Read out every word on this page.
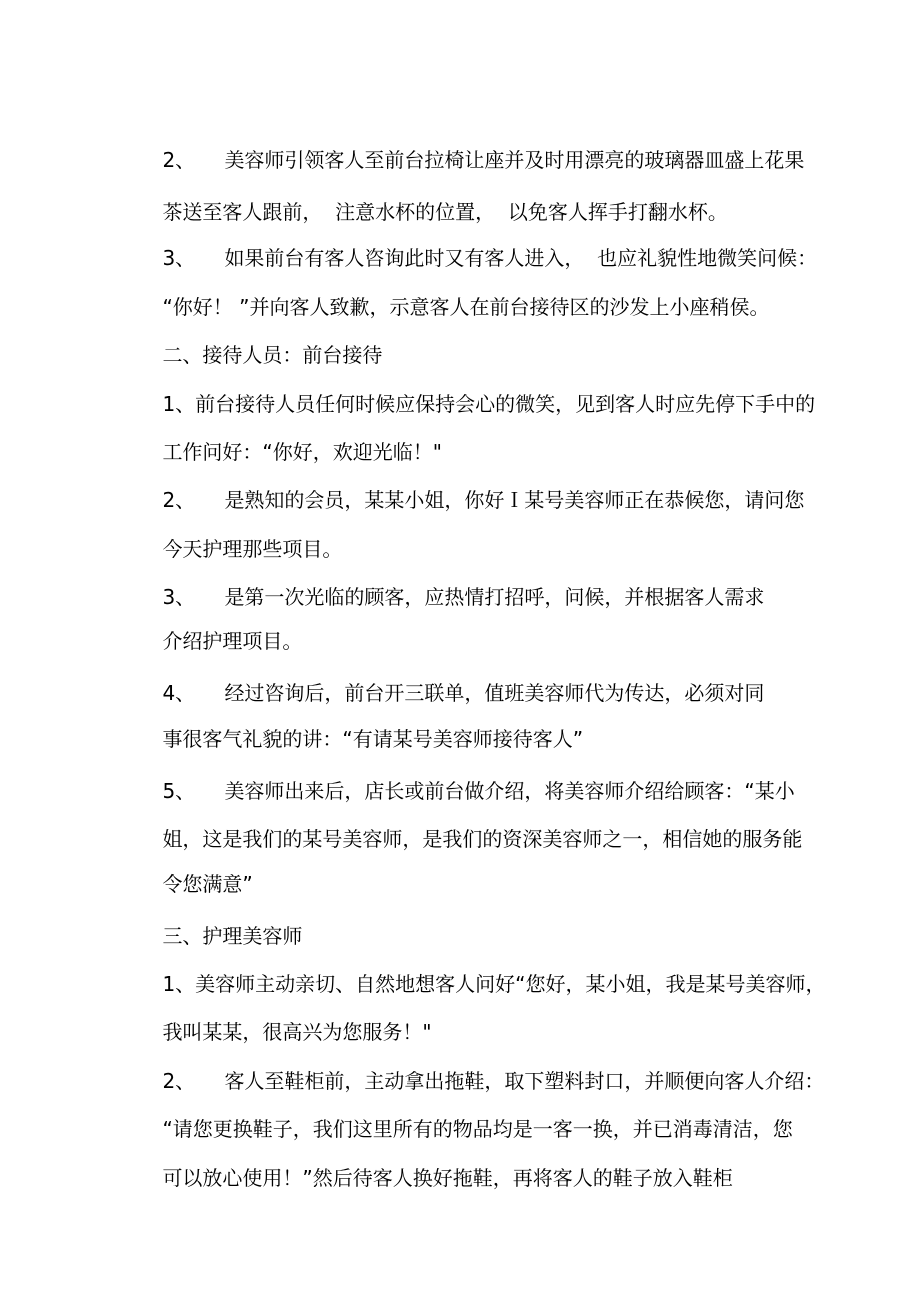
2、 美容师引领客人至前台拉椅让座并及时用漂亮的玻璃器皿盛上花果

茶送至客人跟前，  注意水杯的位置，  以免客人挥手打翻水杯。

3、 如果前台有客人咨询此时又有客人进入，  也应礼貌性地微笑问候：

“你好！ ”并向客人致歉，示意客人在前台接待区的沙发上小座稍侯。

二、接待人员：前台接待

1、前台接待人员任何时候应保持会心的微笑，见到客人时应先停下手中的

工作问好：“你好，欢迎光临！"

2、 是熟知的会员，某某小姐，你好Ｉ某号美容师正在恭候您，请问您

今天护理那些项目。

3、 是第一次光临的顾客，应热情打招呼，问候，并根据客人需求

介绍护理项目。

4、 经过咨询后，前台开三联单，值班美容师代为传达，必须对同

事很客气礼貌的讲：“有请某号美容师接待客人”

5、 美容师出来后，店长或前台做介绍，将美容师介绍给顾客：“某小

姐，这是我们的某号美容师，是我们的资深美容师之一，相信她的服务能

令您满意”

三、护理美容师

1、美容师主动亲切、自然地想客人问好“您好，某小姐，我是某号美容师，

我叫某某，很高兴为您服务！"

2、 客人至鞋柜前，主动拿出拖鞋，取下塑料封口，并顺便向客人介绍：

“请您更换鞋子，我们这里所有的物品均是一客一换，并已消毒清洁，您

可以放心使用！”然后待客人换好拖鞋，再将客人的鞋子放入鞋柜
